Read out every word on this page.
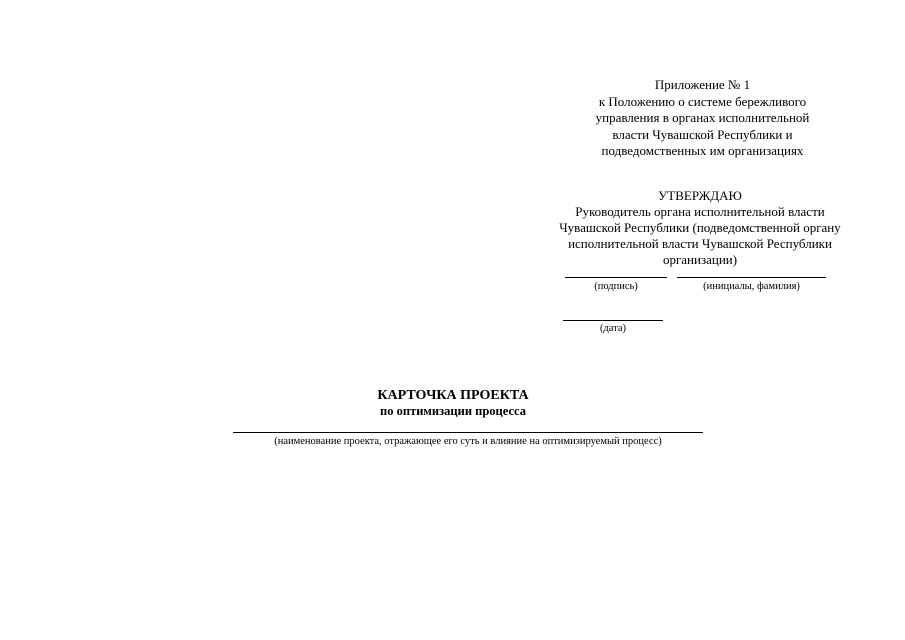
Приложение № 1
к Положению о системе бережливого
управления в органах исполнительной
власти Чувашской Республики и
подведомственных им организациях
УТВЕРЖДАЮ
Руководитель органа исполнительной власти
Чувашской Республики (подведомственной органу
исполнительной власти Чувашской Республики
организации)
(подпись)	(инициалы, фамилия)
(дата)
КАРТОЧКА ПРОЕКТА
по оптимизации процесса
(наименование проекта, отражающее его суть и влияние на оптимизируемый процесс)
